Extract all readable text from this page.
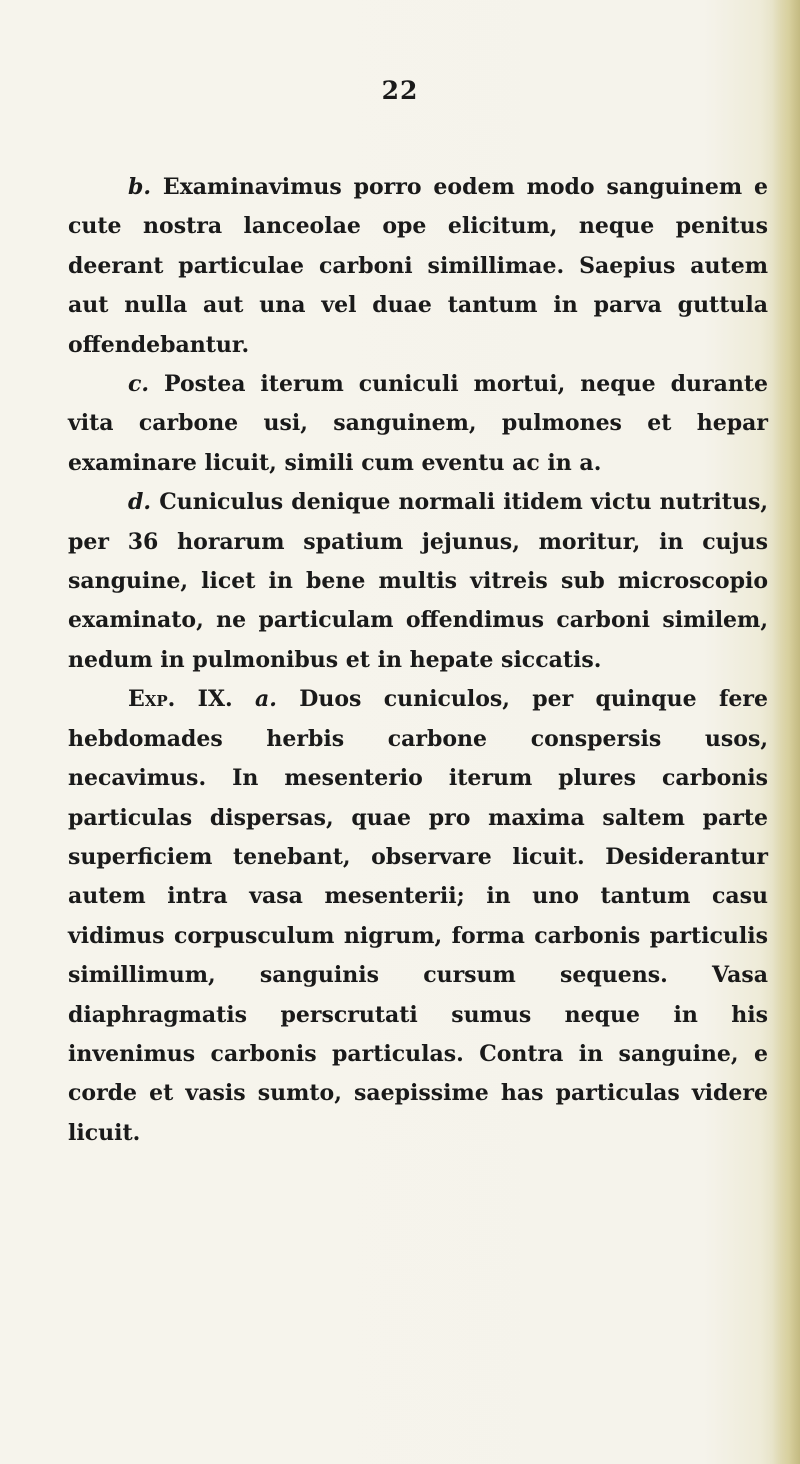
22

b. Examinavimus porro eodem modo sanguinem e cute nostra lanceolae ope elicitum, neque penitus deerant particulae carboni simillimae. Saepius autem aut nulla aut una vel duae tantum in parva guttula offendebantur.

c. Postea iterum cuniculi mortui, neque durante vita carbone usi, sanguinem, pulmones et hepar examinare licuit, simili cum eventu ac in a.

d. Cuniculus denique normali itidem victu nutritus, per 36 horarum spatium jejunus, moritur, in cujus sanguine, licet in bene multis vitreis sub microscopio examinato, ne particulam offendimus carboni similem, nedum in pulmonibus et in hepate siccatis.

Exp. IX. a. Duos cuniculos, per quinque fere hebdomades herbis carbone conspersis usos, necavimus. In mesenterio iterum plures carbonis particulas dispersas, quae pro maxima saltem parte superficiem tenebant, observare licuit. Desiderantur autem intra vasa mesenterii; in uno tantum casu vidimus corpusculum nigrum, forma carbonis particulis simillimum, sanguinis cursum sequens. Vasa diaphragmatis perscrutati sumus neque in his invenimus carbonis particulas. Contra in sanguine, e corde et vasis sumto, saepissime has particulas videre licuit.
